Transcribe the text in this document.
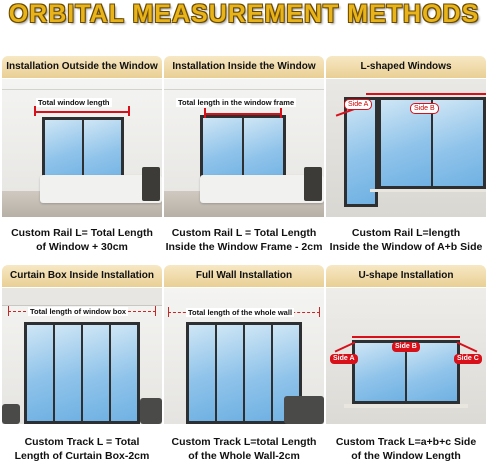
ORBITAL MEASUREMENT METHODS
Installation Outside the Window
Total window length
Custom Rail L= Total Length
of Window + 30cm
Installation Inside the Window
Total length in the window frame
Custom Rail L = Total Length
Inside the Window Frame - 2cm
L-shaped Windows
Side A
Side B
Custom Rail L=length
Inside the Window of A+b Side
Curtain Box Inside Installation
Total length of window box
Custom Track L = Total
Length of Curtain Box-2cm
Full Wall Installation
Total length of the whole wall
Custom Track L=total Length
of the Whole Wall-2cm
U-shape Installation
Side A
Side B
Side C
Custom Track L=a+b+c Side
of the Window Length
